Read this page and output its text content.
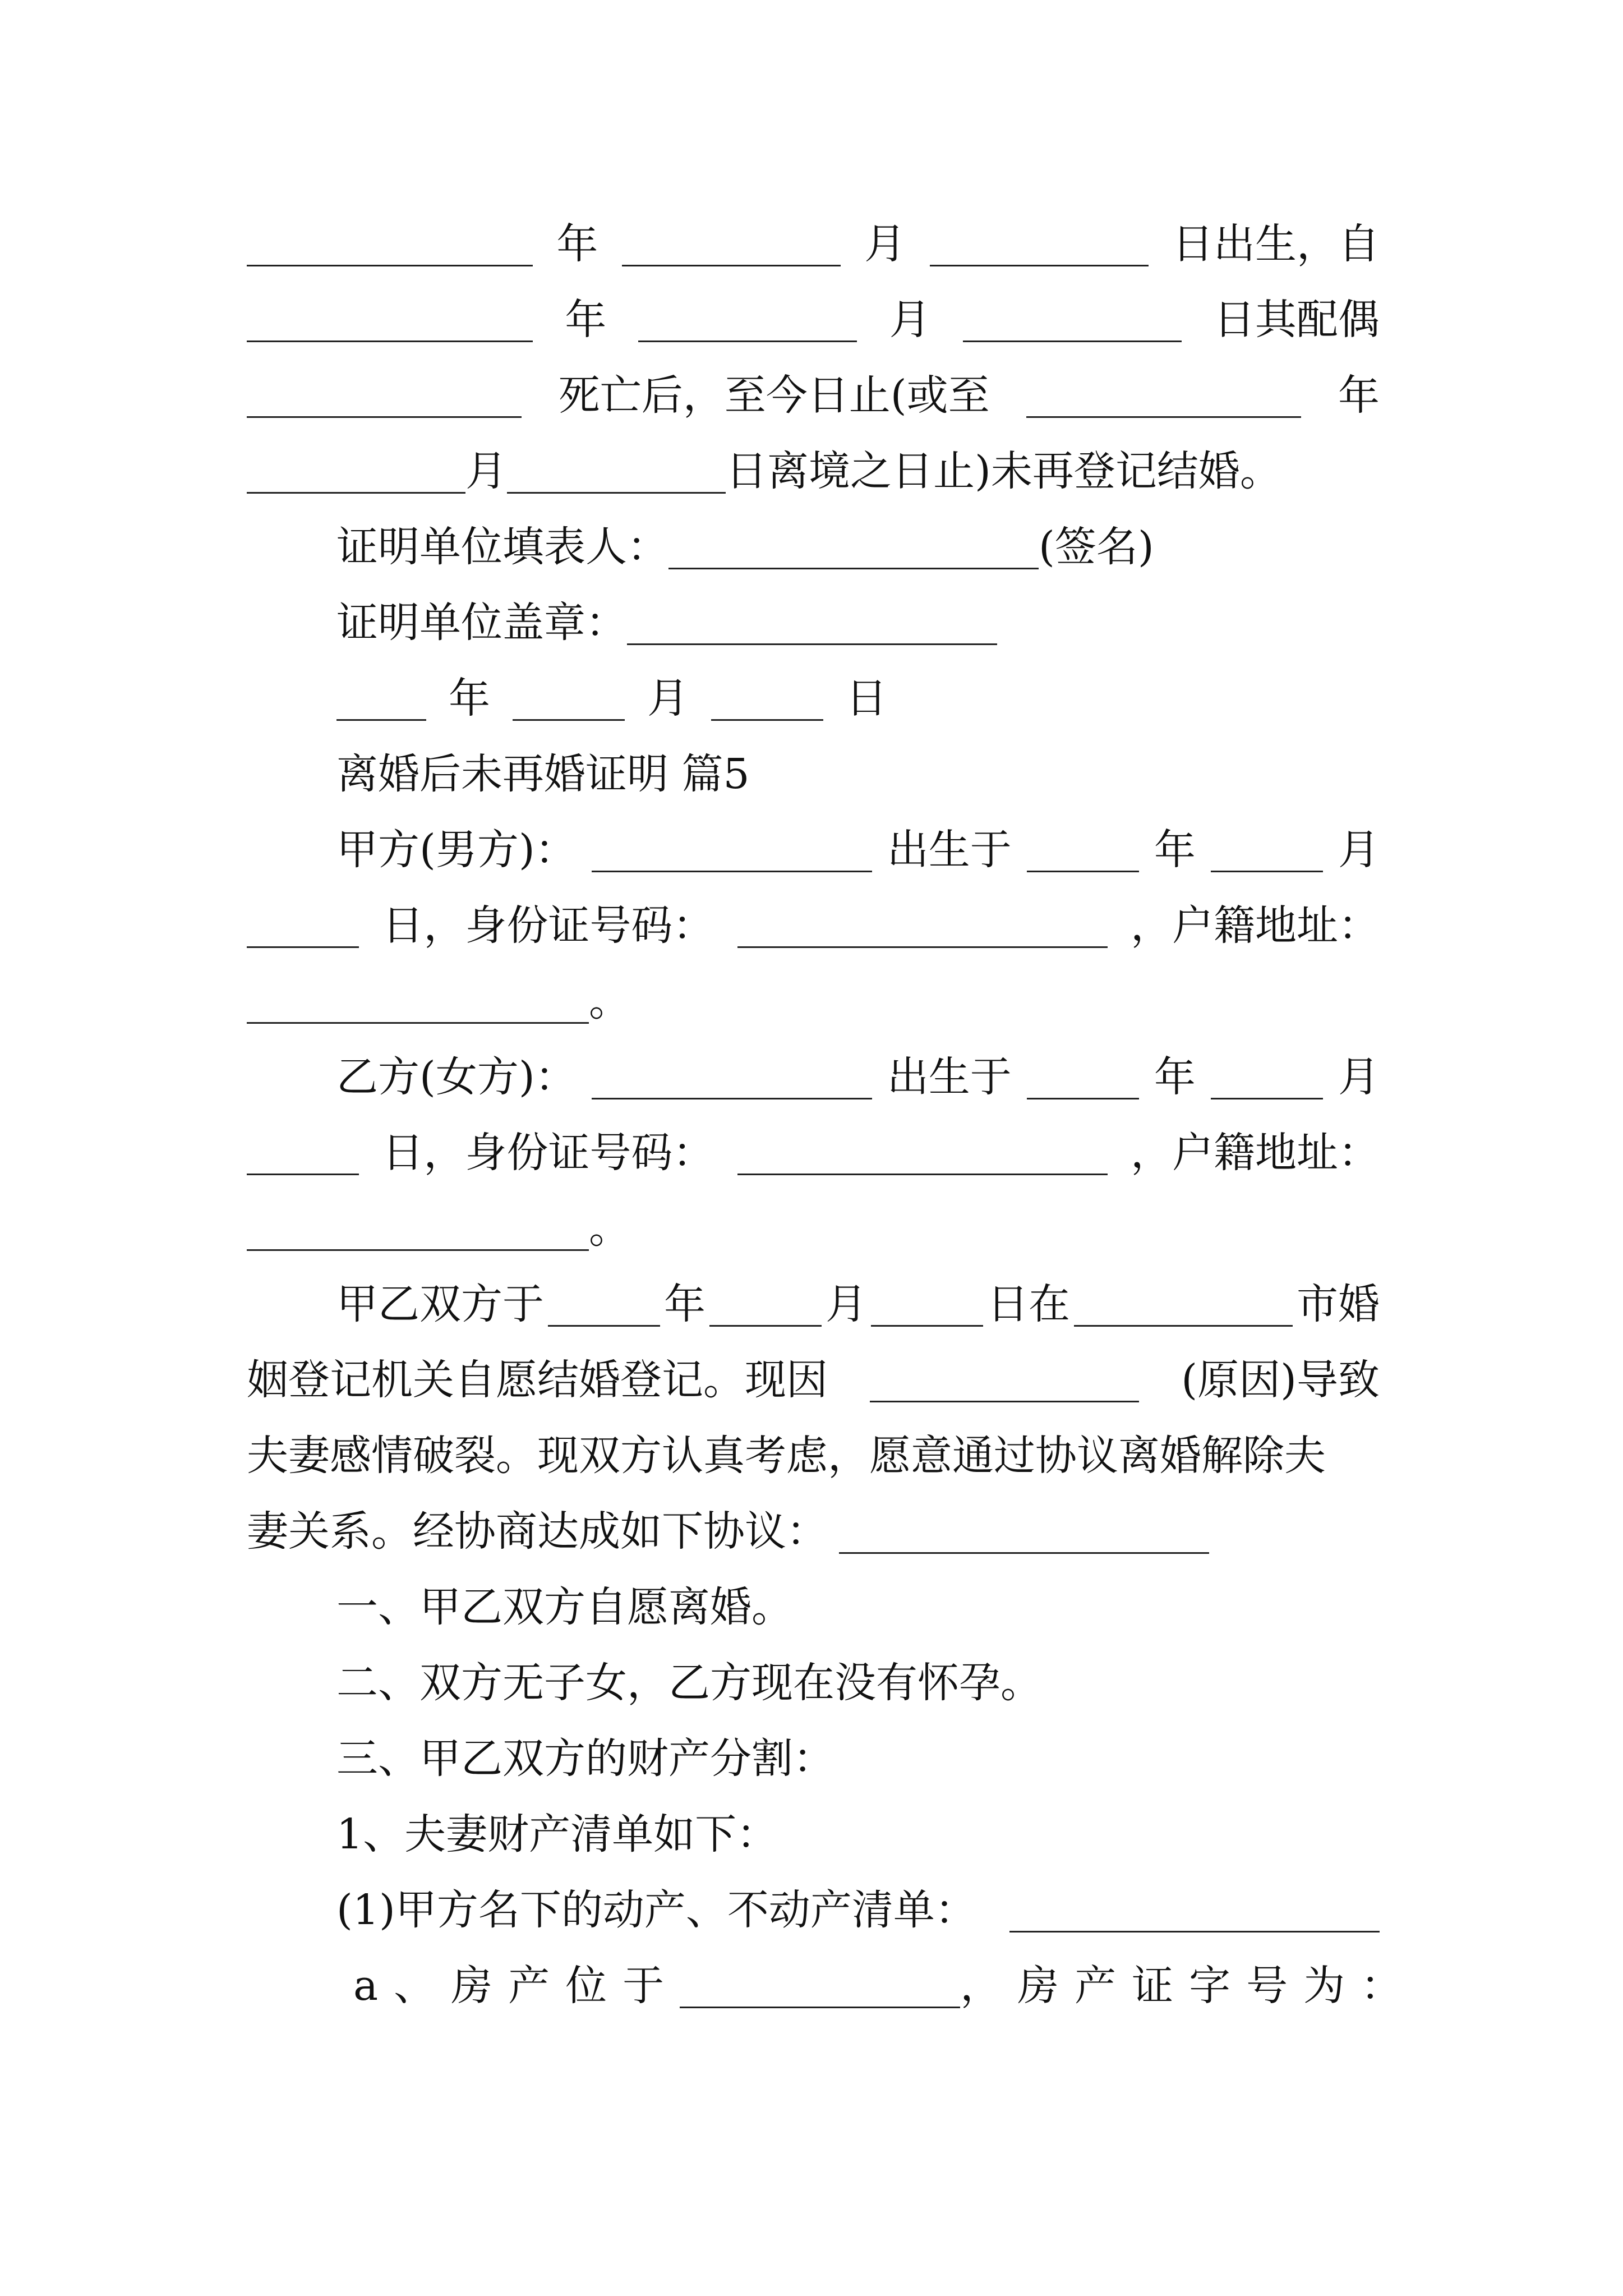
年	月	日出生，自
年	月	日其配偶
死亡后，至今日止(或至	年
月	日离境之日止)未再登记结婚。
证明单位填表人：	(签名)
证明单位盖章：
年	月	日
离婚后未再婚证明 篇5
甲方(男方)：	出生于	年	月
日，身份证号码：	，户籍地址：
。
乙方(女方)：	出生于	年	月
日，身份证号码：	，户籍地址：
。
甲乙双方于	年	月	日在	市婚
姻登记机关自愿结婚登记。现因	(原因)导致
夫妻感情破裂。现双方认真考虑，愿意通过协议离婚解除夫
妻关系。经协商达成如下协议：
一、甲乙双方自愿离婚。
二、双方无子女，乙方现在没有怀孕。
三、甲乙双方的财产分割：
1、夫妻财产清单如下：
(1)甲方名下的动产、不动产清单：
a、房产位于	，房产证字号为：
